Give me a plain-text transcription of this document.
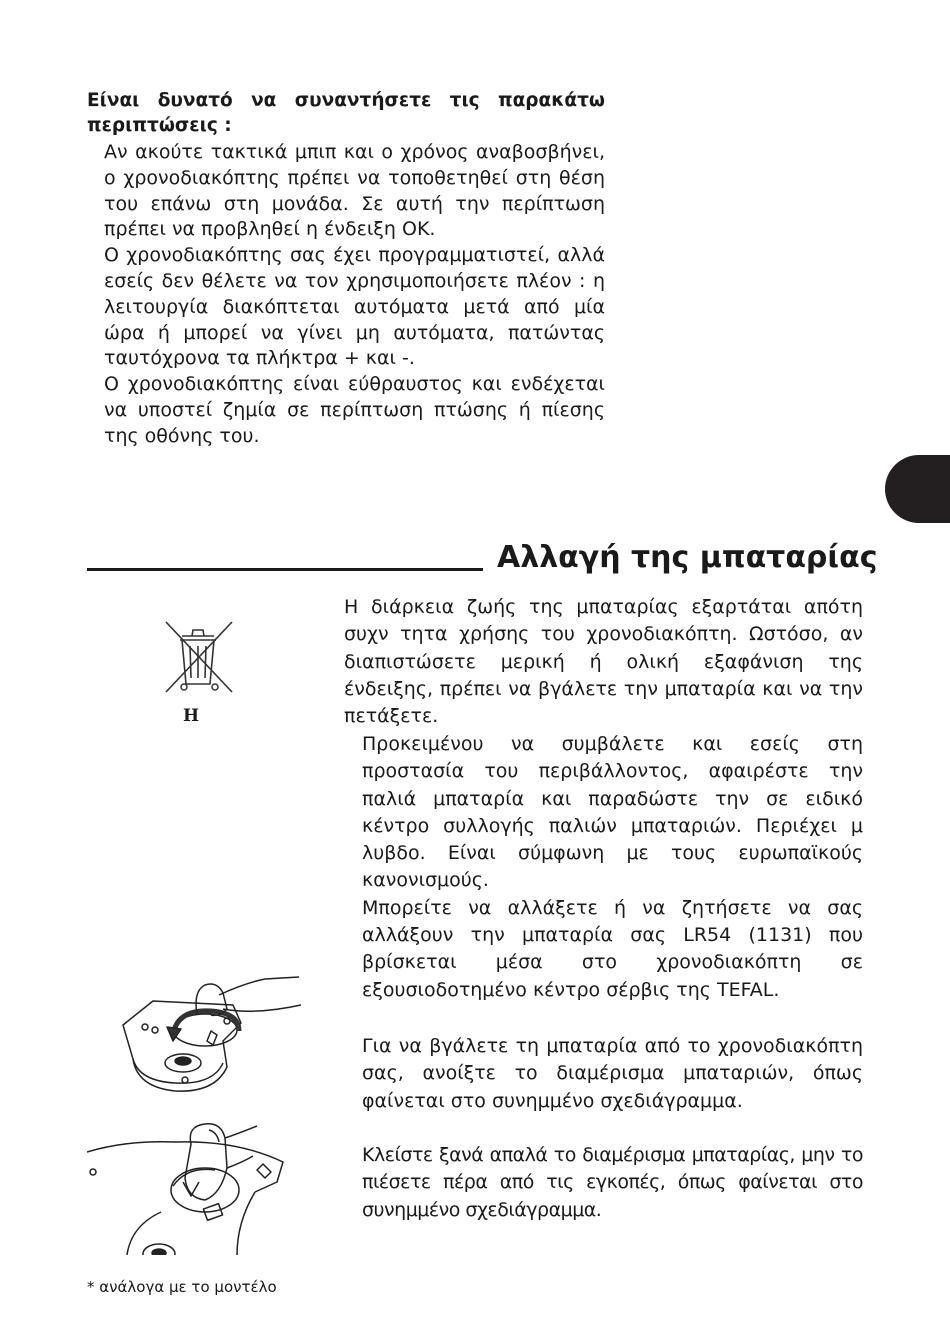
Είναι δυνατό να συναντήσετε τις παρακάτω περιπτώσεις :

Αν ακούτε τακτικά μπιπ και ο χρόνος αναβοσβήνει, ο χρονοδιακόπτης πρέπει να τοποθετηθεί στη θέση του επάνω στη μονάδα. Σε αυτή την περίπτωση πρέπει να προβληθεί η ένδειξη OK.

Ο χρονοδιακόπτης σας έχει προγραμματιστεί, αλλά εσείς δεν θέλετε να τον χρησιμοποιήσετε πλέον : η λειτουργία διακόπτεται αυτόματα μετά από μία ώρα ή μπορεί να γίνει μη αυτόματα, πατώντας ταυτόχρονα τα πλήκτρα + και -.

Ο χρονοδιακόπτης είναι εύθραυστος και ενδέχεται να υποστεί ζημία σε περίπτωση πτώσης ή πίεσης της οθόνης του.

Αλλαγή της μπαταρίας
H

Η διάρκεια ζωής της μπαταρίας εξαρτάται απότη συχν τητα χρήσης του χρονοδιακόπτη. Ωστόσο, αν διαπιστώσετε μερική ή ολική εξαφάνιση της ένδειξης, πρέπει να βγάλετε την μπαταρία και να την πετάξετε.

Προκειμένου να συμβάλετε και εσείς στη προστασία του περιβάλλοντος, αφαιρέστε την παλιά μπαταρία και παραδώστε την σε ειδικό κέντρο συλλογής παλιών μπαταριών. Περιέχει μ λυβδο. Είναι σύμφωνη με τους ευρωπαϊκούς κανονισμούς.

Μπορείτε να αλλάξετε ή να ζητήσετε να σας αλλάξουν την μπαταρία σας LR54 (1131) που βρίσκεται μέσα στο χρονοδιακόπτη σε εξουσιοδοτημένο κέντρο σέρβις της TEFAL.

Για να βγάλετε τη μπαταρία από το χρονοδιακόπτη σας, ανοίξτε το διαμέρισμα μπαταριών, όπως φαίνεται στο συνημμένο σχεδιάγραμμα.

Κλείστε ξανά απαλά το διαμέρισμα μπαταρίας, μην το πιέσετε πέρα από τις εγκοπές, όπως φαίνεται στο συνημμένο σχεδιάγραμμα.

* ανάλογα με το μοντέλο
